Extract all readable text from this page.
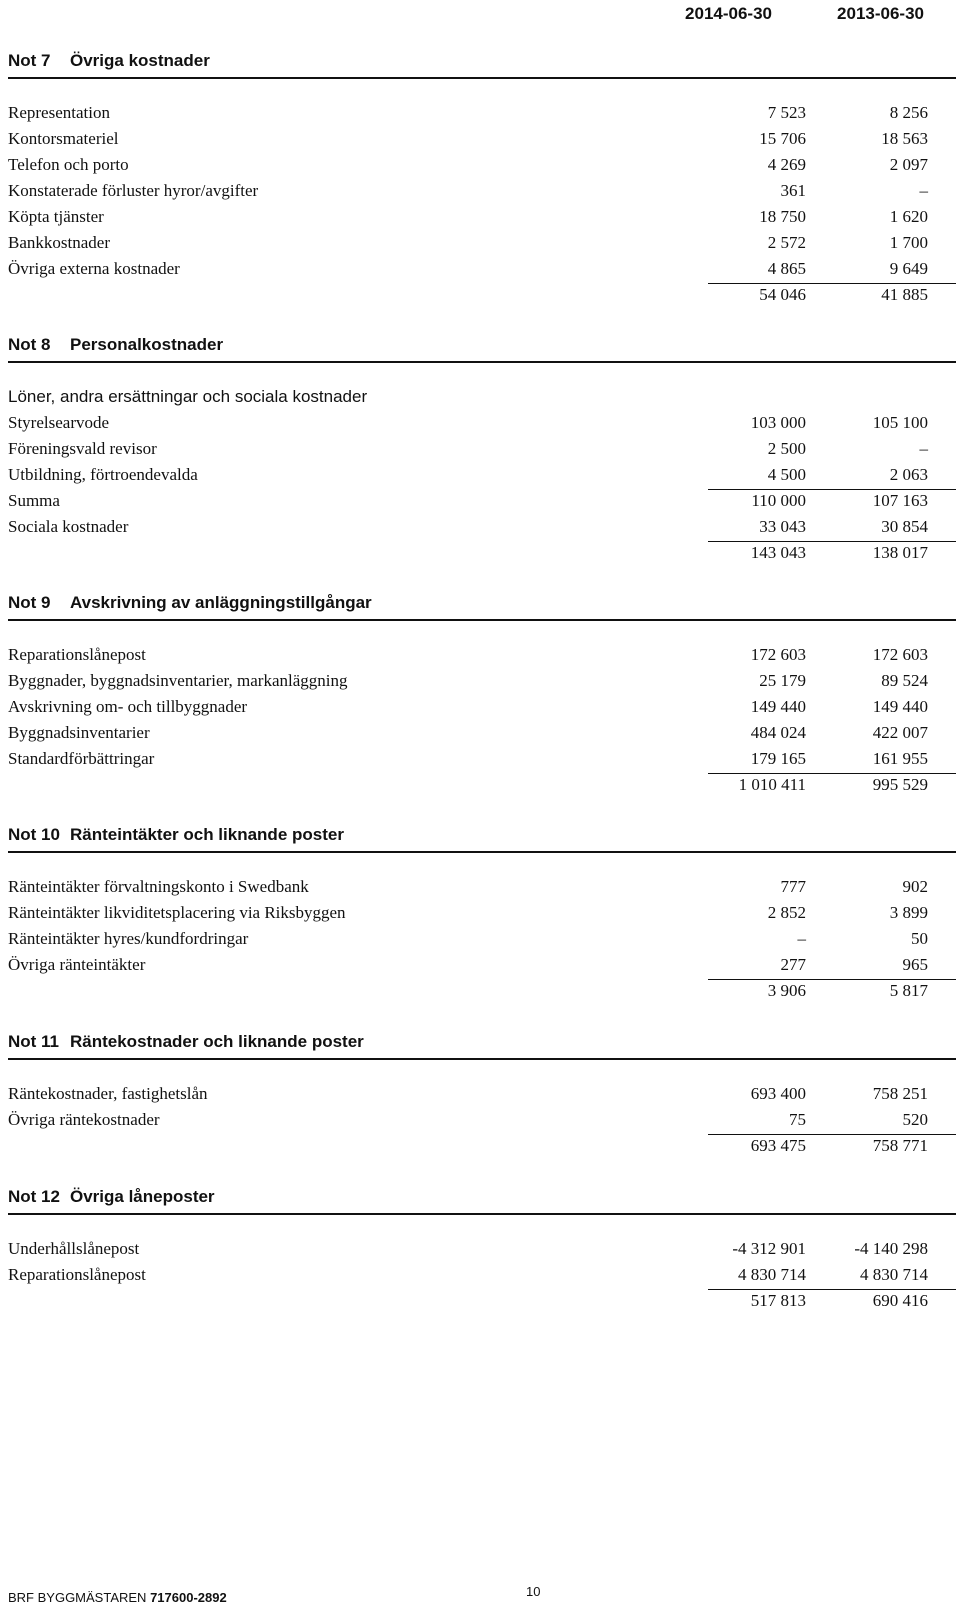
2014-06-30	2013-06-30
Not 7 Övriga kostnader
Representation	7 523	8 256
Kontorsmateriel	15 706	18 563
Telefon och porto	4 269	2 097
Konstaterade förluster hyror/avgifter	361	–
Köpta tjänster	18 750	1 620
Bankkostnader	2 572	1 700
Övriga externa kostnader	4 865	9 649
54 046	41 885
Not 8 Personalkostnader
Löner, andra ersättningar och sociala kostnader
Styrelsearvode	103 000	105 100
Föreningsvald revisor	2 500	–
Utbildning, förtroendevalda	4 500	2 063
Summa	110 000	107 163
Sociala kostnader	33 043	30 854
143 043	138 017
Not 9 Avskrivning av anläggningstillgångar
Reparationslånepost	172 603	172 603
Byggnader, byggnadsinventarier, markanläggning	25 179	89 524
Avskrivning om- och tillbyggnader	149 440	149 440
Byggnadsinventarier	484 024	422 007
Standardförbättringar	179 165	161 955
1 010 411	995 529
Not 10 Ränteintäkter och liknande poster
Ränteintäkter förvaltningskonto i Swedbank	777	902
Ränteintäkter likviditetsplacering via Riksbyggen	2 852	3 899
Ränteintäkter hyres/kundfordringar	–	50
Övriga ränteintäkter	277	965
3 906	5 817
Not 11 Räntekostnader och liknande poster
Räntekostnader, fastighetslån	693 400	758 251
Övriga räntekostnader	75	520
693 475	758 771
Not 12 Övriga låneposter
Underhållslånepost	-4 312 901	-4 140 298
Reparationslånepost	4 830 714	4 830 714
517 813	690 416
BRF BYGGMÄSTAREN 717600-2892	10
